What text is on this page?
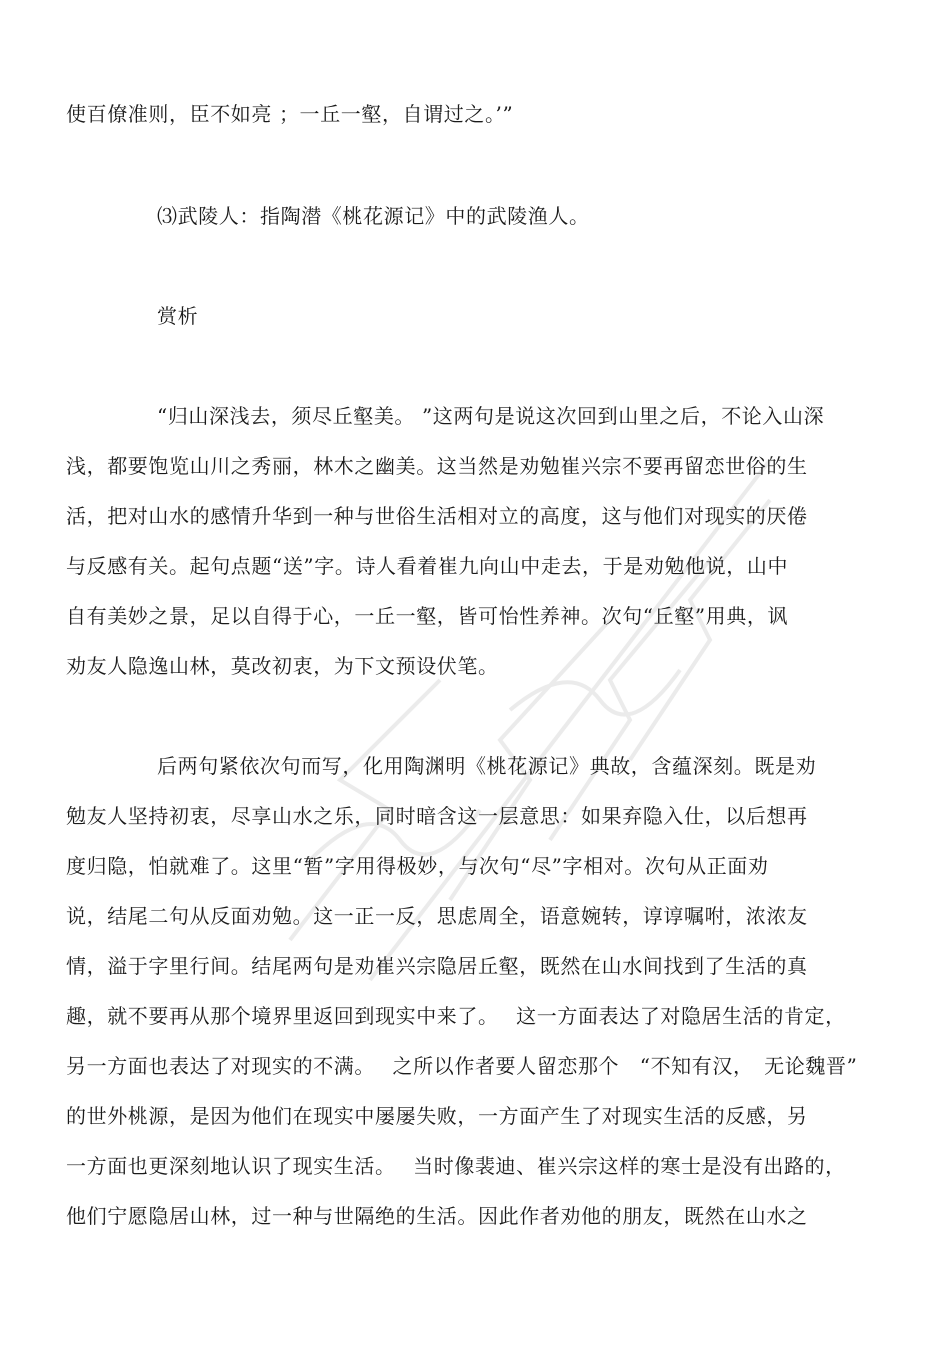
使百僚准则，臣不如亮 ；一丘一壑，自谓过之。’”
⑶武陵人：指陶潜《桃花源记》中的武陵渔人。
赏析
“归山深浅去，须尽丘壑美。 ”这两句是说这次回到山里之后，不论入山深
浅，都要饱览山川之秀丽，林木之幽美。这当然是劝勉崔兴宗不要再留恋世俗的生
活，把对山水的感情升华到一种与世俗生活相对立的高度，这与他们对现实的厌倦
与反感有关。起句点题“送”字。诗人看着崔九向山中走去，于是劝勉他说，山中
自有美妙之景，足以自得于心，一丘一壑，皆可怡性养神。次句“丘壑”用典，讽
劝友人隐逸山林，莫改初衷，为下文预设伏笔。
后两句紧依次句而写，化用陶渊明《桃花源记》典故，含蕴深刻。既是劝
勉友人坚持初衷，尽享山水之乐，同时暗含这一层意思：如果弃隐入仕，以后想再
度归隐，怕就难了。这里“暂”字用得极妙，与次句“尽”字相对。次句从正面劝
说，结尾二句从反面劝勉。这一正一反，思虑周全，语意婉转，谆谆嘱咐，浓浓友
情，溢于字里行间。结尾两句是劝崔兴宗隐居丘壑，既然在山水间找到了生活的真
趣，就不要再从那个境界里返回到现实中来了。　 这一方面表达了对隐居生活的肯定，
另一方面也表达了对现实的不满。　 之所以作者要人留恋那个　“不知有汉，　无论魏晋”
的世外桃源，是因为他们在现实中屡屡失败，一方面产生了对现实生活的反感，另
一方面也更深刻地认识了现实生活。　 当时像裴迪、崔兴宗这样的寒士是没有出路的，
他们宁愿隐居山林，过一种与世隔绝的生活。因此作者劝他的朋友，既然在山水之
